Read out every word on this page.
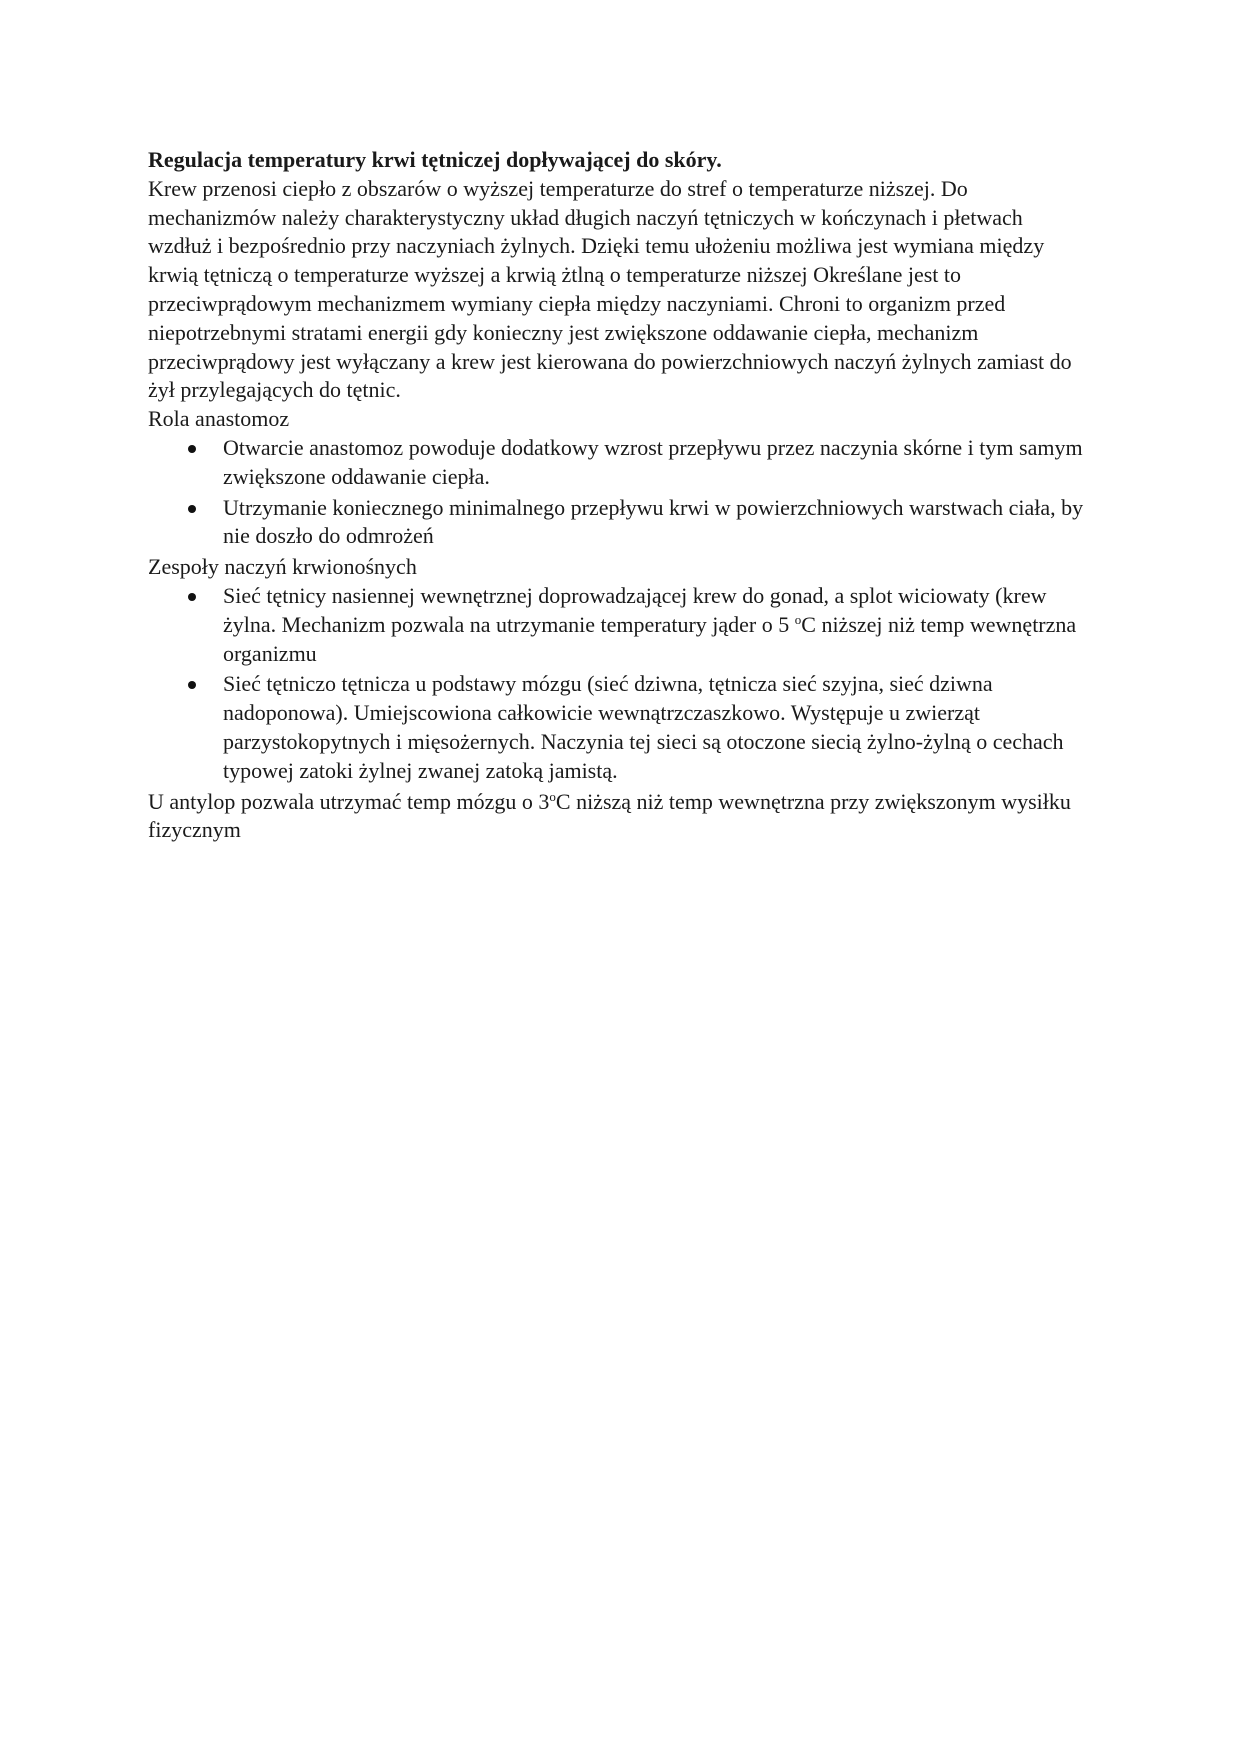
Regulacja temperatury krwi tętniczej dopływającej do skóry.

Krew przenosi ciepło z obszarów o wyższej temperaturze do stref o temperaturze niższej. Do mechanizmów należy charakterystyczny układ długich naczyń tętniczych w kończynach i płetwach wzdłuż i bezpośrednio przy naczyniach żylnych. Dzięki temu ułożeniu możliwa jest wymiana między krwią tętniczą o temperaturze wyższej a krwią żtlną o temperaturze niższej Określane jest to przeciwprądowym mechanizmem wymiany ciepła między naczyniami. Chroni to organizm przed niepotrzebnymi stratami energii gdy konieczny jest zwiększone oddawanie ciepła, mechanizm przeciwprądowy jest wyłączany a krew jest kierowana do powierzchniowych naczyń żylnych zamiast do żył przylegających do tętnic.

Rola anastomoz

Otwarcie anastomoz powoduje dodatkowy wzrost przepływu przez naczynia skórne i tym samym zwiększone oddawanie ciepła.
Utrzymanie koniecznego minimalnego przepływu krwi w powierzchniowych warstwach ciała, by nie doszło do odmrożeń

Zespoły naczyń krwionośnych

Sieć tętnicy nasiennej wewnętrznej doprowadzającej krew do gonad, a splot wiciowaty (krew żylna. Mechanizm pozwala na utrzymanie temperatury jąder o 5 $^o$C niższej niż temp wewnętrzna organizmu
Sieć tętniczo tętnicza u podstawy mózgu (sieć dziwna, tętnicza sieć szyjna, sieć dziwna nadoponowa). Umiejscowiona całkowicie wewnątrzczaszkowo. Występuje u zwierząt parzystokopytnych i mięsożernych. Naczynia tej sieci są otoczone siecią żylno-żylną o cechach typowej zatoki żylnej zwanej zatoką jamistą.

U antylop pozwala utrzymać temp mózgu o 3$^o$C niższą niż temp wewnętrzna przy zwiększonym wysiłku fizycznym
